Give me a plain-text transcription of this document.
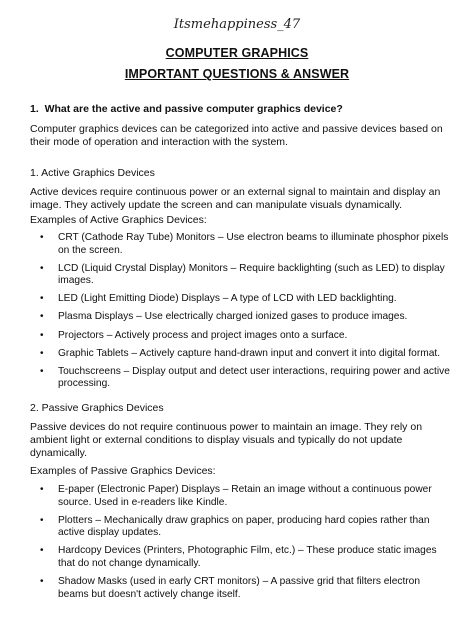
Itsmehappiness_47
COMPUTER GRAPHICS
IMPORTANT QUESTIONS & ANSWER
1. What are the active and passive computer graphics device?
Computer graphics devices can be categorized into active and passive devices based on their mode of operation and interaction with the system.
1. Active Graphics Devices
Active devices require continuous power or an external signal to maintain and display an image. They actively update the screen and can manipulate visuals dynamically.
Examples of Active Graphics Devices:
• CRT (Cathode Ray Tube) Monitors – Use electron beams to illuminate phosphor pixels on the screen.
• LCD (Liquid Crystal Display) Monitors – Require backlighting (such as LED) to display images.
• LED (Light Emitting Diode) Displays – A type of LCD with LED backlighting.
• Plasma Displays – Use electrically charged ionized gases to produce images.
• Projectors – Actively process and project images onto a surface.
• Graphic Tablets – Actively capture hand-drawn input and convert it into digital format.
• Touchscreens – Display output and detect user interactions, requiring power and active processing.
2. Passive Graphics Devices
Passive devices do not require continuous power to maintain an image. They rely on ambient light or external conditions to display visuals and typically do not update dynamically.
Examples of Passive Graphics Devices:
• E-paper (Electronic Paper) Displays – Retain an image without a continuous power source. Used in e-readers like Kindle.
• Plotters – Mechanically draw graphics on paper, producing hard copies rather than active display updates.
• Hardcopy Devices (Printers, Photographic Film, etc.) – These produce static images that do not change dynamically.
• Shadow Masks (used in early CRT monitors) – A passive grid that filters electron beams but doesn't actively change itself.
